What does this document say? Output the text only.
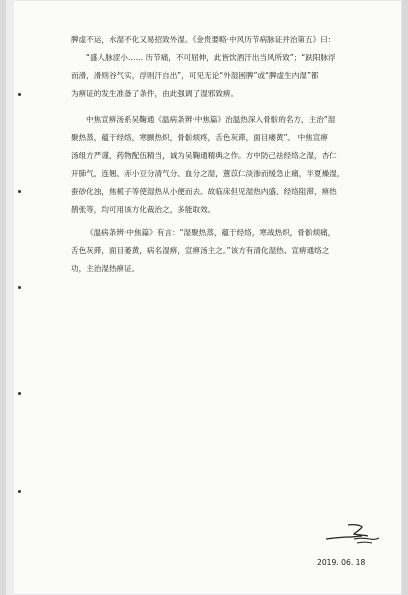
脾虚不运，水湿不化又易招致外湿。《金贵要略·中风历节病脉证并治第五》曰：

“盛人脉涩小…… 历节痛，不可屈伸，此皆饮酒汗出当风所致”；“趺阳脉浮

而滑，滑则谷气实，浮则汗自出”，可见无论“外湿困脾”或“脾虚生内湿”都

为痹证的发生准备了条件，由此强调了湿邪致痹。

中焦宣痹汤系吴鞠通《温病条辨·中焦篇》治温热深入骨骱的名方，主治“湿

聚热蒸，蕴于经络，寒颤热炽，骨骱烦疼，舌色灰滞，面目痿黄”。 中焦宣痹

汤组方严谨，药物配伍精当，诚为吴鞠通精典之作。方中防己祛经络之湿，杏仁

开肺气，连翘、赤小豆分清气分、血分之湿，薏苡仁淡渗而缓急止痛，半夏燥湿，

蚕砂化浊，焦栀子等使湿热从小便而去。故临床但见湿热内盛、经络阻滞、痹热

鹊张等，均可用该方化裁治之，多能取效。

《温病条辨·中焦篇》有言：“湿聚热蒸，蕴于经络，寒战热炽，骨骱烦痛，

舌色灰滞，面目萎黄，病名湿痹，宣痹汤主之。”该方有清化湿热、宣痹通络之

功，主治湿热痹证。

2019. 06. 18
